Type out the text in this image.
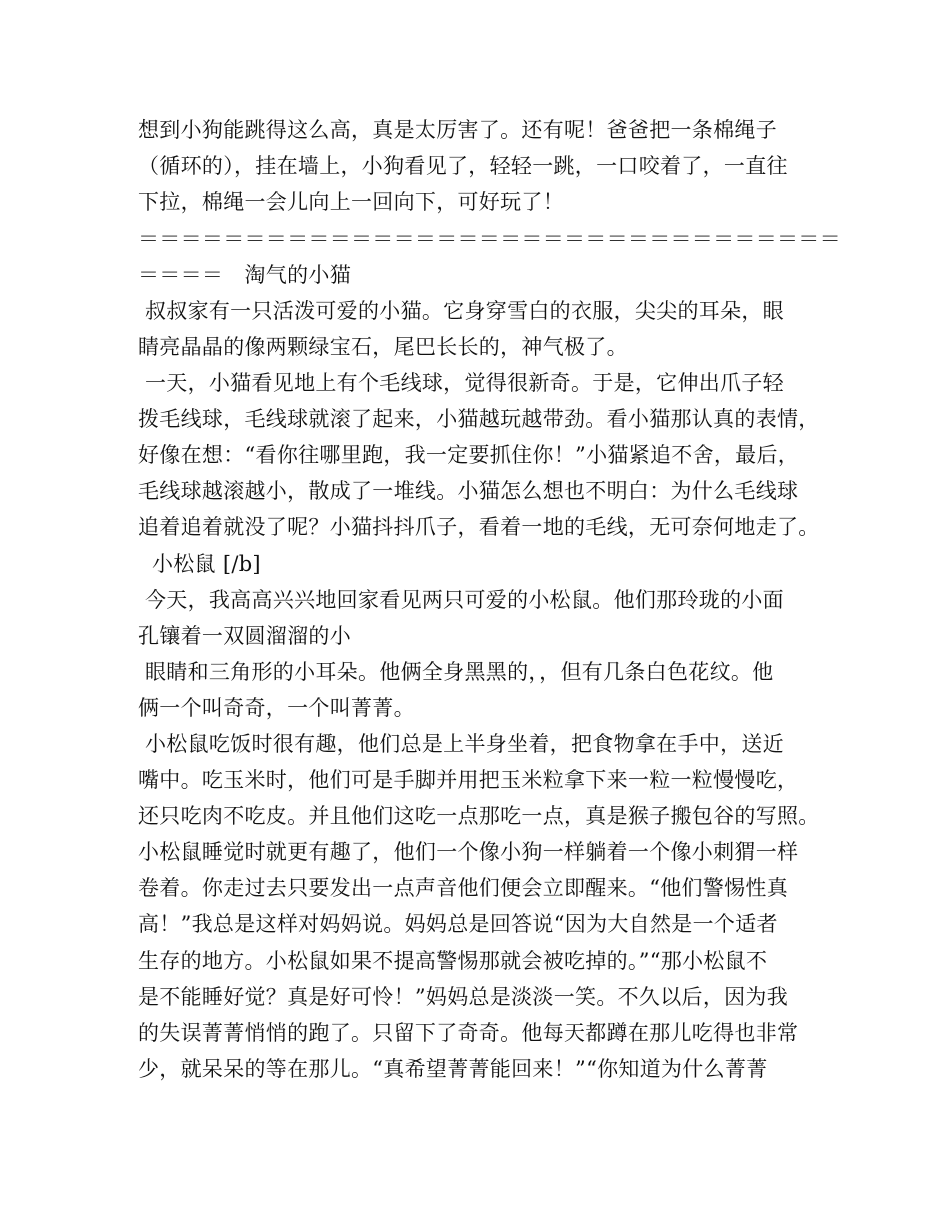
想到小狗能跳得这么高，真是太厉害了。还有呢！爸爸把一条棉绳子
（循环的），挂在墙上，小狗看见了，轻轻一跳，一口咬着了，一直往
下拉，棉绳一会儿向上一回向下，可好玩了！
＝＝＝＝＝＝＝＝＝＝＝＝＝＝＝＝＝＝＝＝＝＝＝＝＝＝＝＝＝＝＝＝＝
＝＝＝＝　淘气的小猫
叔叔家有一只活泼可爱的小猫。它身穿雪白的衣服，尖尖的耳朵，眼
睛亮晶晶的像两颗绿宝石，尾巴长长的，神气极了。
一天，小猫看见地上有个毛线球，觉得很新奇。于是，它伸出爪子轻
拨毛线球，毛线球就滚了起来，小猫越玩越带劲。看小猫那认真的表情，
好像在想：“看你往哪里跑，我一定要抓住你！”小猫紧追不舍，最后，
毛线球越滚越小，散成了一堆线。小猫怎么想也不明白：为什么毛线球
追着追着就没了呢？小猫抖抖爪子，看着一地的毛线，无可奈何地走了。
小松鼠 [/b]
今天，我高高兴兴地回家看见两只可爱的小松鼠。他们那玲珑的小面
孔镶着一双圆溜溜的小
眼睛和三角形的小耳朵。他俩全身黑黑的，，但有几条白色花纹。他
俩一个叫奇奇，一个叫菁菁。
小松鼠吃饭时很有趣，他们总是上半身坐着，把食物拿在手中，送近
嘴中。吃玉米时，他们可是手脚并用把玉米粒拿下来一粒一粒慢慢吃，
还只吃肉不吃皮。并且他们这吃一点那吃一点，真是猴子搬包谷的写照。
小松鼠睡觉时就更有趣了，他们一个像小狗一样躺着一个像小刺猬一样
卷着。你走过去只要发出一点声音他们便会立即醒来。“他们警惕性真
高！”我总是这样对妈妈说。妈妈总是回答说“因为大自然是一个适者
生存的地方。小松鼠如果不提高警惕那就会被吃掉的。”“那小松鼠不
是不能睡好觉？真是好可怜！”妈妈总是淡淡一笑。不久以后，因为我
的失误菁菁悄悄的跑了。只留下了奇奇。他每天都蹲在那儿吃得也非常
少，就呆呆的等在那儿。“真希望菁菁能回来！”“你知道为什么菁菁
